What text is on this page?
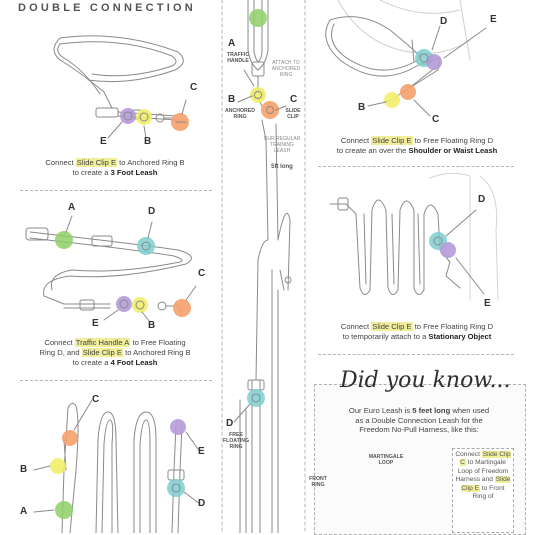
DOUBLE CONNECTION
C
E	B
Connect Slide Clip E to Anchored Ring B
to create a 3 Foot Leash
A	D
C
E	B
Connect Traffic Handle A to Free Floating
Ring D, and Slide Clip E to Anchored Ring B
to create a 4 Foot Leash
C
B
A
E
D
A
TRAFFIC HANDLE	ATTACH TO ANCHORED RING
B
ANCHORED RING
C
SLIDE CLIP
OUR REGULAR TRAINING LEASH
5ft long
D
FREE FLOATING RING
D	E
B
C
Connect Slide Clip E to Free Floating Ring D
to create an over the Shoulder or Waist Leash
D
E
Connect Slide Clip E to Free Floating Ring D
to temporarily attach to a Stationary Object
Did you know...
Our Euro Leash is 5 feet long when used
as a Double Connection Leash for the
Freedom No-Pull Harness, like this:
MARTINGALE LOOP
FRONT RING
Connect Slide Clip C to Martingale Loop of Freedom Harness and Slide Clip E to Front Ring of
